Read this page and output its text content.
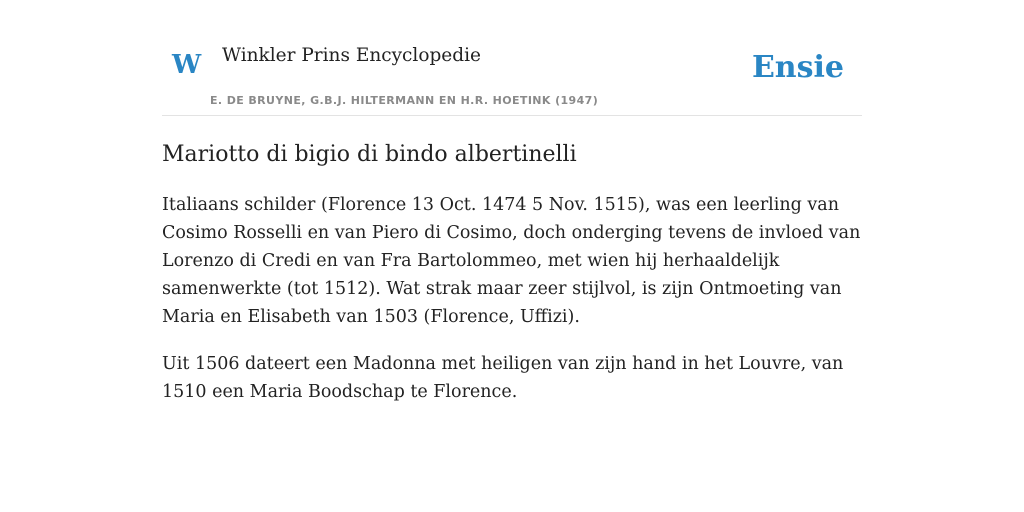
W Winkler Prins Encyclopedie
E. DE BRUYNE, G.B.J. HILTERMANN EN H.R. HOETINK (1947)
Ensie
Mariotto di bigio di bindo albertinelli

Italiaans schilder (Florence 13 Oct. 1474 5 Nov. 1515), was een leerling van Cosimo Rosselli en van Piero di Cosimo, doch onderging tevens de invloed van Lorenzo di Credi en van Fra Bartolommeo, met wien hij herhaaldelijk samenwerkte (tot 1512). Wat strak maar zeer stijlvol, is zijn Ontmoeting van Maria en Elisabeth van 1503 (Florence, Uffizi).

Uit 1506 dateert een Madonna met heiligen van zijn hand in het Louvre, van 1510 een Maria Boodschap te Florence.
